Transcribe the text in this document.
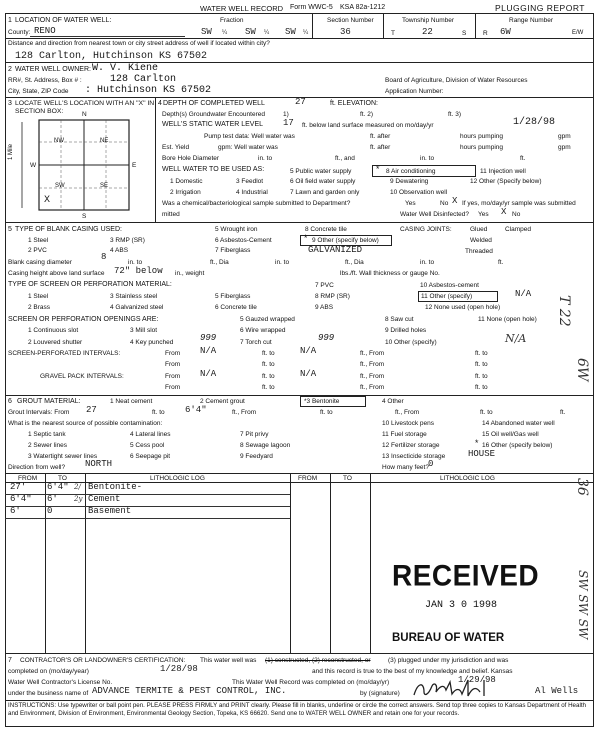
WATER WELL RECORD Form WWC-5 KSA 82a-1212	PLUGGING REPORT
1 LOCATION OF WATER WELL:
County: RENO
Fraction
SW ¼ SW ¼ SW ¼
Section Number
36
Township Number
T	22	S
Range Number
R 6W	E/W
Distance and direction from nearest town or city street address of well if located within city?
128 Carlton, Hutchinson KS 67502
2 WATER WELL OWNER: W. V. Kiene
RR#, St. Address, Box # :	128 Carlton	Board of Agriculture, Division of Water Resources
City, State, ZIP Code : Hutchinson KS 67502	Application Number:
3 LOCATE WELL'S LOCATION WITH AN "X" IN SECTION BOX:	N
S
W	E
NW	NE
SW	SE
1 Mile
X
4 DEPTH OF COMPLETED WELL	27	ft. ELEVATION:
Depth(s) Groundwater Encountered	1)	ft. 2)	ft. 3)
WELL'S STATIC WATER LEVEL 17 ft. below land surface measured on mo/day/yr	1/28/98
Pump test data: Well water was	ft. after	hours pumping	gpm
Est. Yield	gpm: Well water was	ft. after	hours pumping	gpm
Bore Hole Diameter	in. to	ft., and	in. to	ft.
WELL WATER TO BE USED AS:
1 Domestic
2 Irrigation
3 Feedlot
4 Industrial
5 Public water supply
6 Oil field water supply
7 Lawn and garden only
* 8 Air conditioning
9 Dewatering
10 Observation well
11 Injection well
12 Other (Specify below)
Was a chemical/bacteriological sample submitted to Department?	Yes	No X If yes, mo/day/yr sample was submitted
mitted	Water Well Disinfected? Yes X No
5 TYPE OF BLANK CASING USED:
1 Steel
2 PVC
3 RMP (SR)
4 ABS
5 Wrought iron
6 Asbestos-Cement
7 Fiberglass
8 Concrete tile
* 9 Other (specify below)
GALVANIZED
CASING JOINTS:	Glued	Clamped
Welded
Threaded
Blank casing diameter
8
in. to	ft., Dia	in. to	ft., Dia	in. to	ft.
Casing height above land surface 72" below in., weight	lbs./ft. Wall thickness or gauge No.
TYPE OF SCREEN OR PERFORATION MATERIAL:
1 Steel
2 Brass
3 Stainless steel
4 Galvanized steel
5 Fiberglass
6 Concrete tile
7 PVC
8 RMP (SR)
9 ABS
10 Asbestos-cement
11 Other (specify)	N/A
12 None used (open hole)
SCREEN OR PERFORATION OPENINGS ARE:
1 Continuous slot
2 Louvered shutter
3 Mill slot
4 Key punched	999
5 Gauzed wrapped
6 Wire wrapped
7 Torch cut	999
8 Saw cut
9 Drilled holes
10 Other (specify)	N/A
11 None (open hole)
SCREEN-PERFORATED INTERVALS:	From N/A	ft. to	N/A	ft., From	ft. to
From	ft. to	ft., From	ft. to
GRAVEL PACK INTERVALS:	From N/A	ft. to	N/A	ft., From	ft. to
From	ft. to	ft., From	ft. to
6 GROUT MATERIAL:	1 Neat cement	2 Cement grout	*3 Bentonite	4 Other
Grout Intervals: From 27	ft. to 6'4"	ft., From	ft. to	ft., From	ft. to	ft.
What is the nearest source of possible contamination:
1 Septic tank
2 Sewer lines
3 Watertight sewer lines
4 Lateral lines
5 Cess pool
6 Seepage pit
7 Pit privy
8 Sewage lagoon
9 Feedyard
10 Livestock pens
11 Fuel storage
12 Fertilizer storage
13 Insecticide storage
14 Abandoned water well
15 Oil well/Gas well
* 16 Other (specify below)
HOUSE
Direction from well? NORTH	How many feet? 0
FROM	TO	LITHOLOGIC LOG	FROM	TO	LITHOLOGIC LOG
27' 6'4" 2/ Bentonite-
6'4" 6' 2y Cement
6'	0	Basement
RECEIVED
JAN 3 0 1998
BUREAU OF WATER
T 22
6W
36
SW SW SW
7 CONTRACTOR'S OR LANDOWNER'S CERTIFICATION: This water well was (1) constructed, (2) reconstructed, or	(3) plugged under my jurisdiction and was
completed on (mo/day/year)	1/28/98	and this record is true to the best of my knowledge and belief. Kansas
Water Well Contractor's License No.	This Water Well Record was completed on (mo/day/yr)	1/29/98
under the business name of ADVANCE TERMITE & PEST CONTROL, INC.	by (signature)	Al Wells
INSTRUCTIONS: Use typewriter or ball point pen. PLEASE PRESS FIRMLY and PRINT clearly. Please fill in blanks, underline or circle the correct answers. Send top three copies to Kansas Department of Health and Environment, Division of Environment, Environmental Geology Section, Topeka, KS 66620. Send one to WATER WELL OWNER and retain one for your records.
